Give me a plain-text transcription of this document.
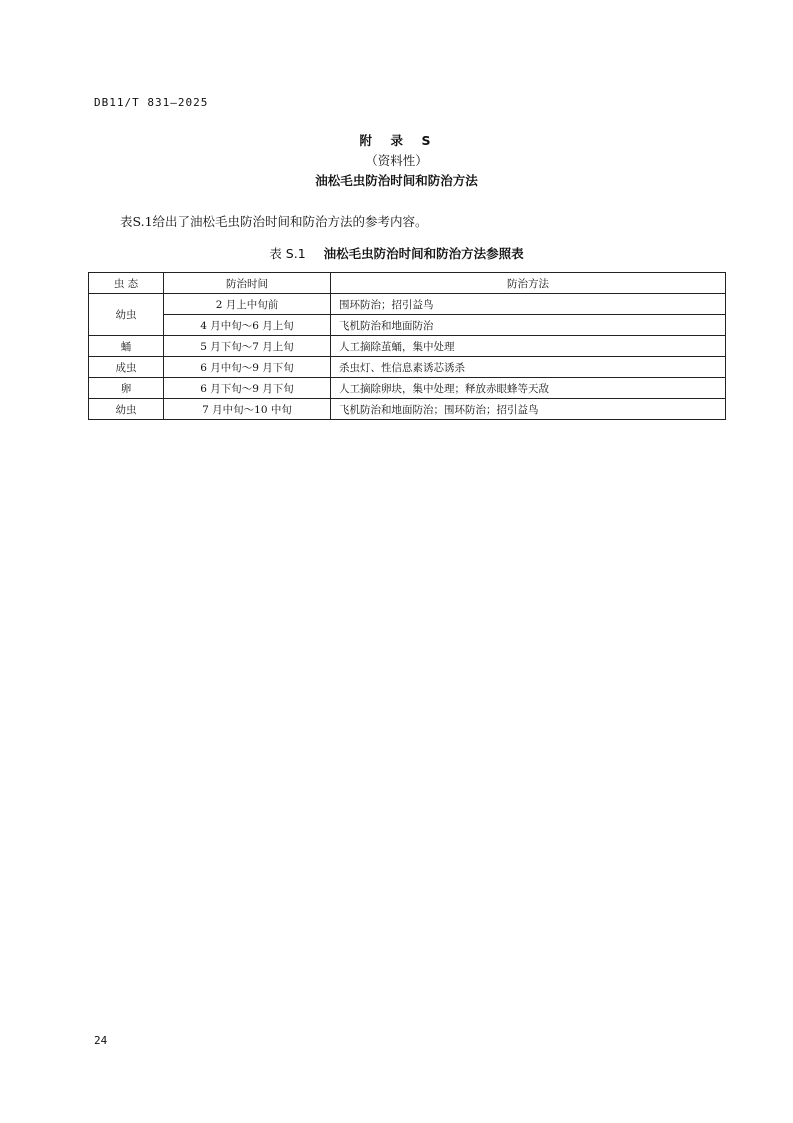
DB11/T 831—2025
附　录　S
（资料性）
油松毛虫防治时间和防治方法
表S.1给出了油松毛虫防治时间和防治方法的参考内容。
表 S.1 油松毛虫防治时间和防治方法参照表
虫 态	防治时间	防治方法
幼虫	2 月上中旬前	围环防治；招引益鸟
	4 月中旬～6 月上旬	飞机防治和地面防治
蛹	5 月下旬～7 月上旬	人工摘除茧蛹，集中处理
成虫	6 月中旬～9 月下旬	杀虫灯、性信息素诱芯诱杀
卵	6 月下旬～9 月下旬	人工摘除卵块，集中处理；释放赤眼蜂等天敌
幼虫	7 月中旬～10 中旬	飞机防治和地面防治；围环防治；招引益鸟
24
